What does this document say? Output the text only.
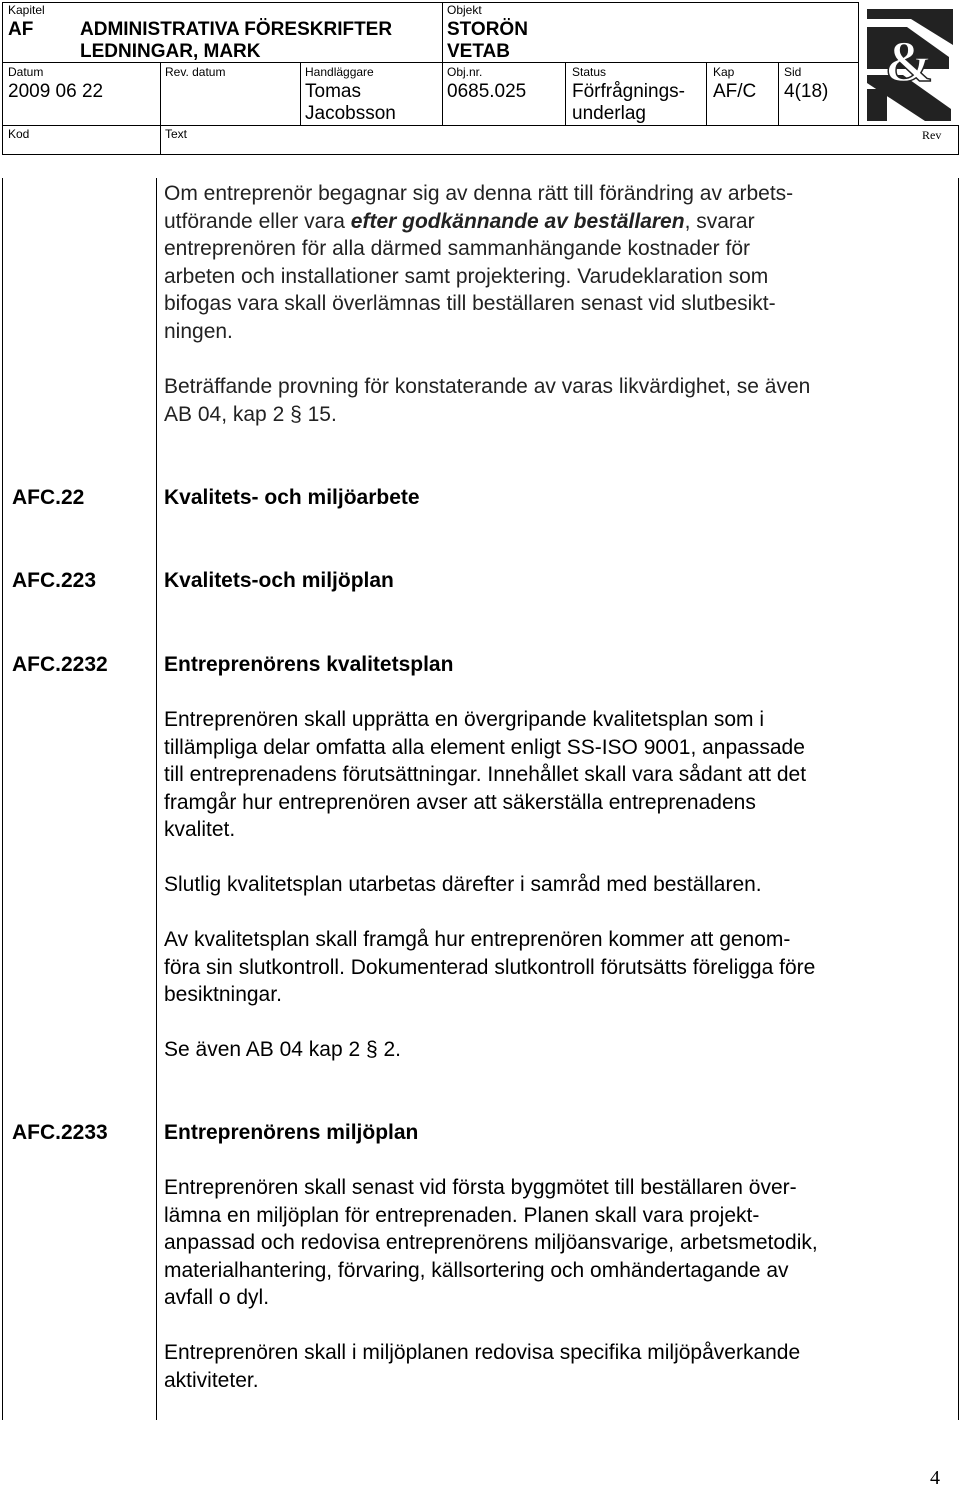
Kapitel
AF ADMINISTRATIVA FÖRESKRIFTER
LEDNINGAR, MARK
Objekt
STORÖN
VETAB
Datum
2009 06 22
Rev. datum	Handläggare
Tomas
Jacobsson
Obj.nr.
0685.025
Status
Förfrågnings-
underlag
Kap
AF/C
Sid
4(18)
Kod	Text	Rev
&
Om entreprenör begagnar sig av denna rätt till förändring av arbets-
utförande eller vara efter godkännande av beställaren, svarar
entreprenören för alla därmed sammanhängande kostnader för
arbeten och installationer samt projektering. Varudeklaration som
bifogas vara skall överlämnas till beställaren senast vid slutbesikt-
ningen.
Beträffande provning för konstaterande av varas likvärdighet, se även
AB 04, kap 2 § 15.
AFC.22	Kvalitets- och miljöarbete
AFC.223	Kvalitets-och miljöplan
AFC.2232	Entreprenörens kvalitetsplan
Entreprenören skall upprätta en övergripande kvalitetsplan som i
tillämpliga delar omfatta alla element enligt SS-ISO 9001, anpassade
till entreprenadens förutsättningar. Innehållet skall vara sådant att det
framgår hur entreprenören avser att säkerställa entreprenadens
kvalitet.
Slutlig kvalitetsplan utarbetas därefter i samråd med beställaren.
Av kvalitetsplan skall framgå hur entreprenören kommer att genom-
föra sin slutkontroll. Dokumenterad slutkontroll förutsätts föreligga före
besiktningar.
Se även AB 04 kap 2 § 2.
AFC.2233	Entreprenörens miljöplan
Entreprenören skall senast vid första byggmötet till beställaren över-
lämna en miljöplan för entreprenaden. Planen skall vara projekt-
anpassad och redovisa entreprenörens miljöansvarige, arbetsmetodik,
materialhantering, förvaring, källsortering och omhändertagande av
avfall o dyl.
Entreprenören skall i miljöplanen redovisa specifika miljöpåverkande
aktiviteter.
4
